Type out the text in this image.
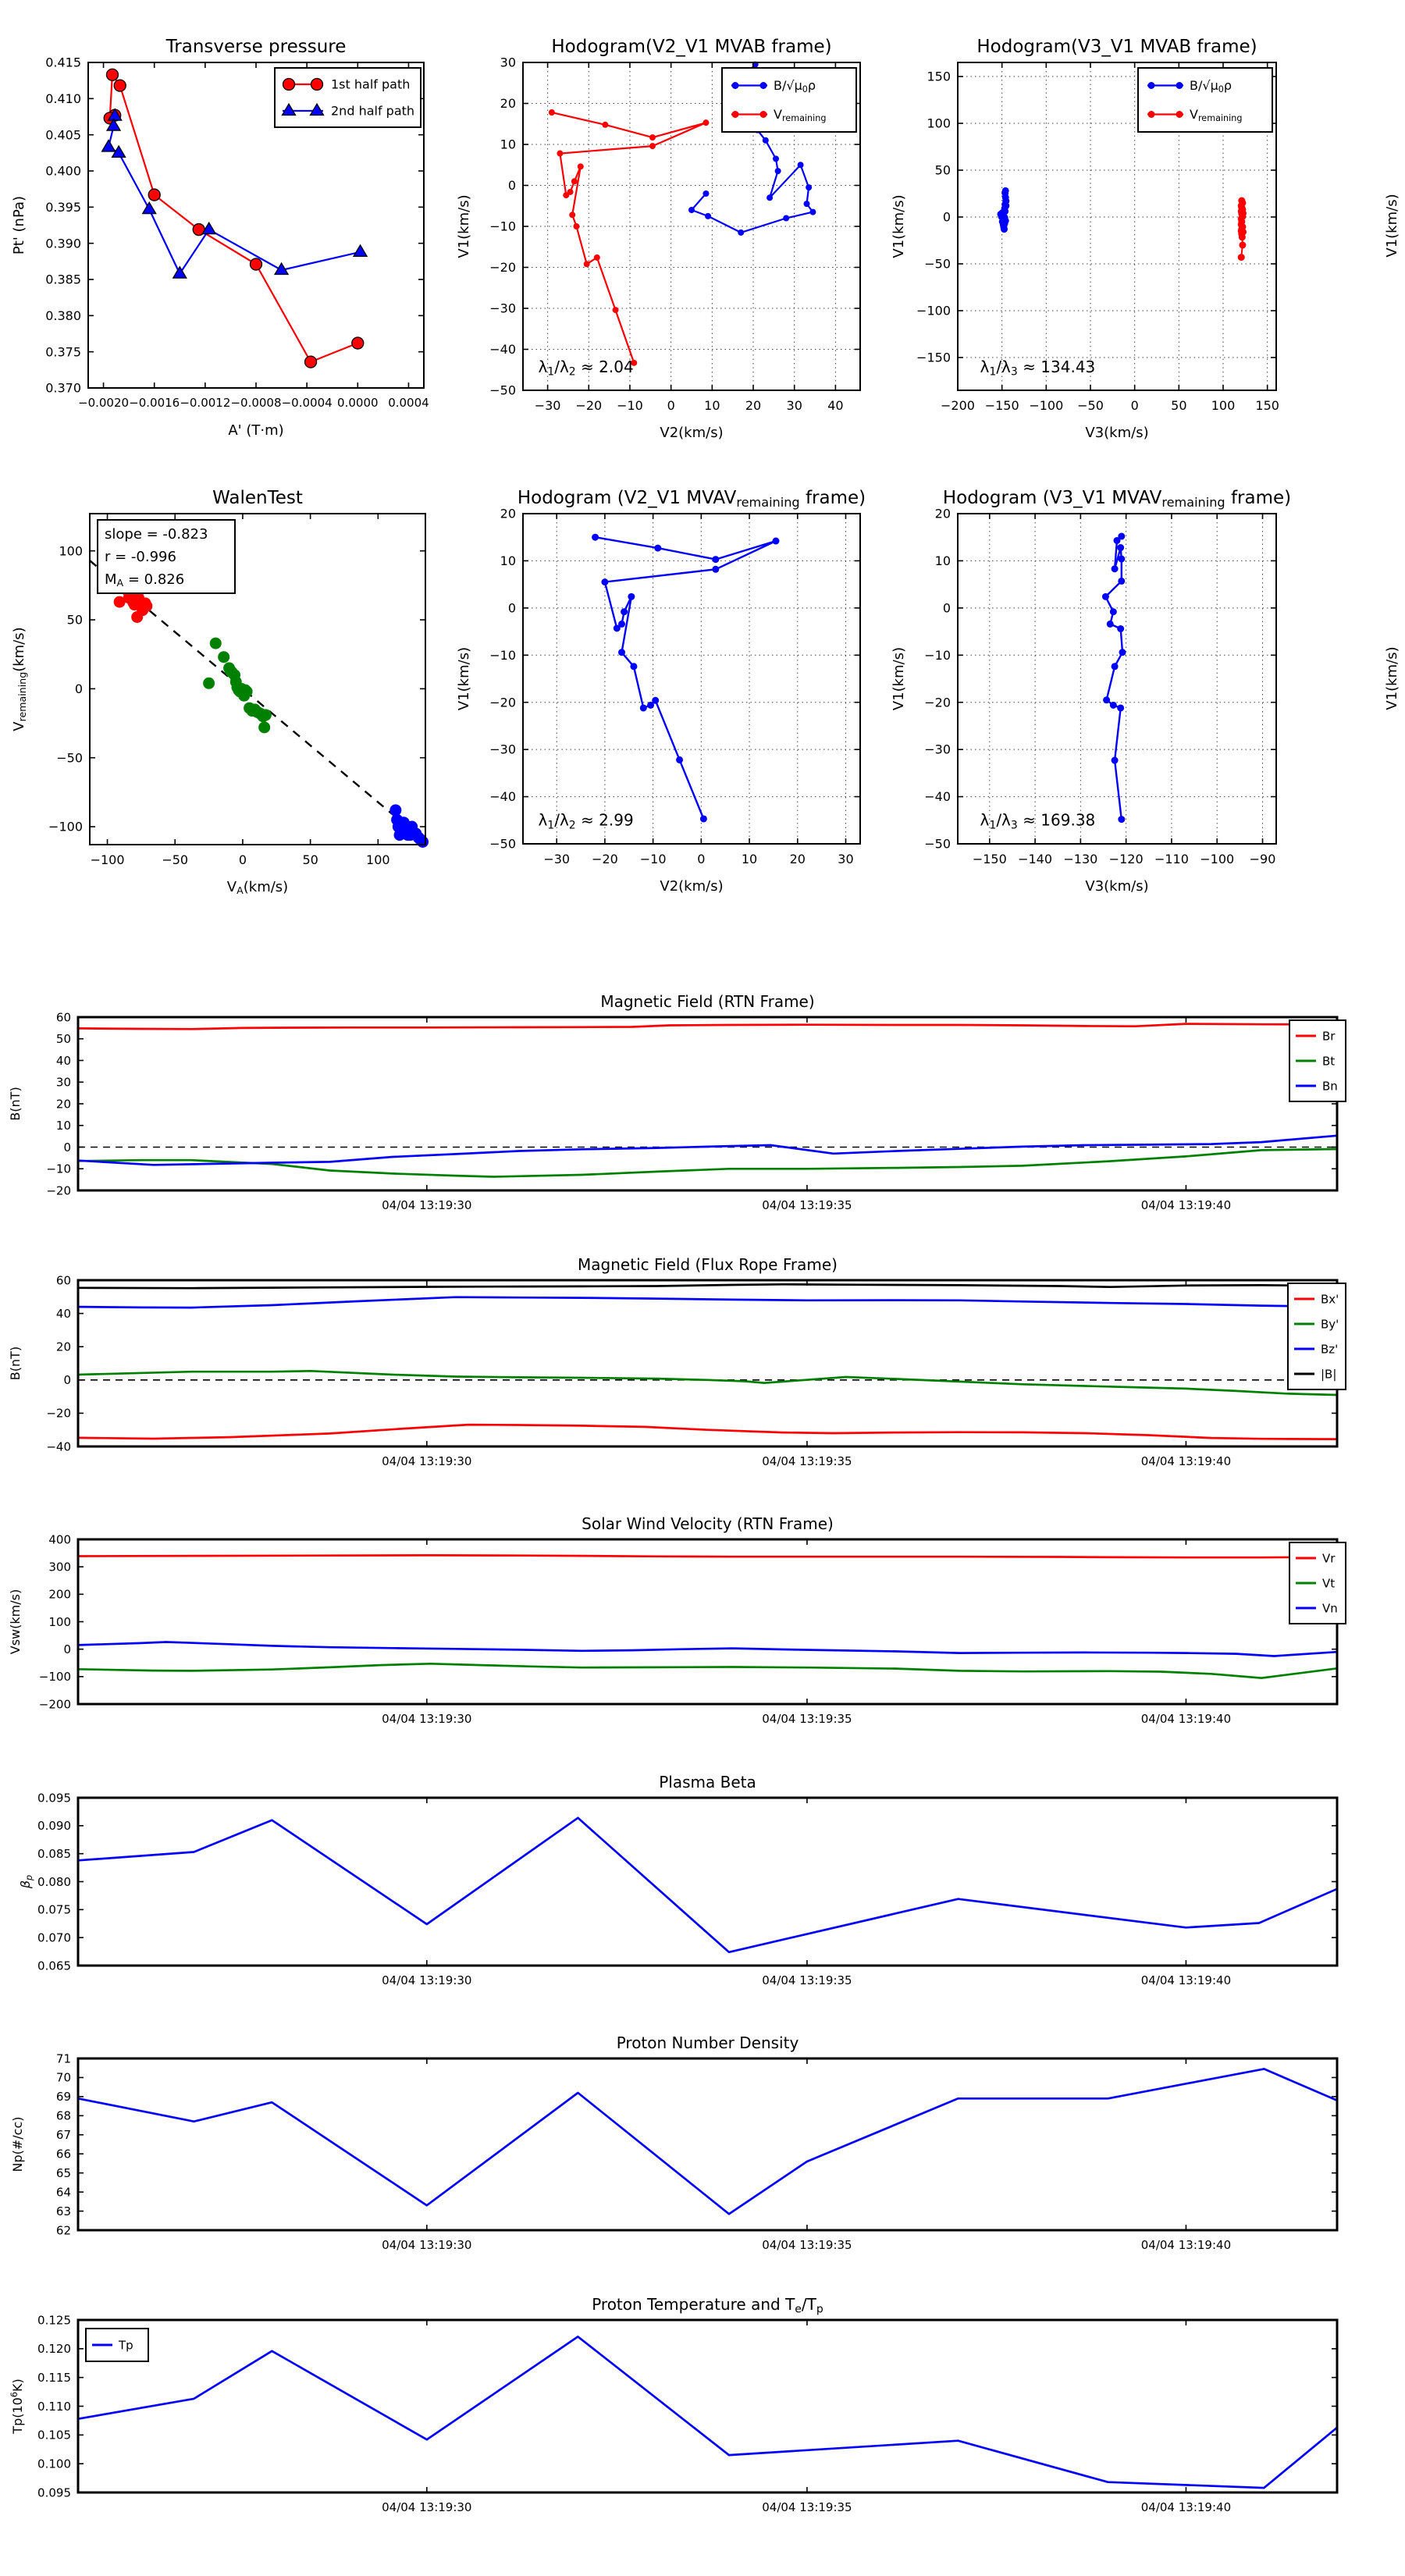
−0.0020 −0.0016 −0.0012 −0.0008 −0.0004 0.0000 0.0004
0.370
0.375
0.380
0.385
0.390
0.395
0.400
0.405
0.410
0.415
Transverse pressure
A' (T·m)
Pt' (nPa)
1st half path
2nd half path
−30 −20 −10 0 10 20 30 40
−50
−40
−30
−20
−10
0
10
20
30
Hodogram(V2_V1 MVAB frame)
V2(km/s)
V1(km/s)
λ1/λ2 ≈ 2.04
B/√μ0ρ
Vremaining
−200 −150 −100 −50 0	50 100 150
−150
−100
−50
0
50
100
150
Hodogram(V3_V1 MVAB frame)
V3(km/s)
V1(km/s)
λ1/λ3 ≈ 134.43
B/√μ0ρ
Vremaining
−100	−50	0	50	100
−100
−50
0
50
100
WalenTest
VA(km/s)
Vremaining(km/s)
slope = -0.823
r = -0.996
MA = 0.826
−30 −20 −10 0	10	20	30
−50
−40
−30
−20
−10
0
10
20
Hodogram (V2_V1 MVAVremaining frame)
V2(km/s)
V1(km/s)
λ1/λ2 ≈ 2.99
−150 −140 −130 −120 −110 −100 −90
−50
−40
−30
−20
−10
0
10
20
Hodogram (V3_V1 MVAVremaining frame)
V3(km/s)
V1(km/s)
λ1/λ3 ≈ 169.38
04/04 13:19:30	04/04 13:19:35	04/04 13:19:40
−20
−10
0
10
20
30
40
50
60
Magnetic Field (RTN Frame)
B(nT)
Br
Bt
Bn
04/04 13:19:30	04/04 13:19:35	04/04 13:19:40
−40
−20
0
20
40
60
Magnetic Field (Flux Rope Frame)
B(nT)
Bx'
By'
Bz'
|B|
04/04 13:19:30	04/04 13:19:35	04/04 13:19:40
−200
−100
0
100
200
300
400
Solar Wind Velocity (RTN Frame)
Vsw(km/s)
Vr
Vt
Vn
04/04 13:19:30	04/04 13:19:35	04/04 13:19:40
0.065
0.070
0.075
0.080
0.085
0.090
0.095
Plasma Beta
βp
04/04 13:19:30	04/04 13:19:35	04/04 13:19:40
62
63
64
65
66
67
68
69
70
71
Proton Number Density
Np(#/cc)
04/04 13:19:30	04/04 13:19:35	04/04 13:19:40
0.095
0.100
0.105
0.110
0.115
0.120
0.125
Proton Temperature and Te/Tp
$Tp(10^6K)$
Tp
V1(km/s)
V1(km/s)
